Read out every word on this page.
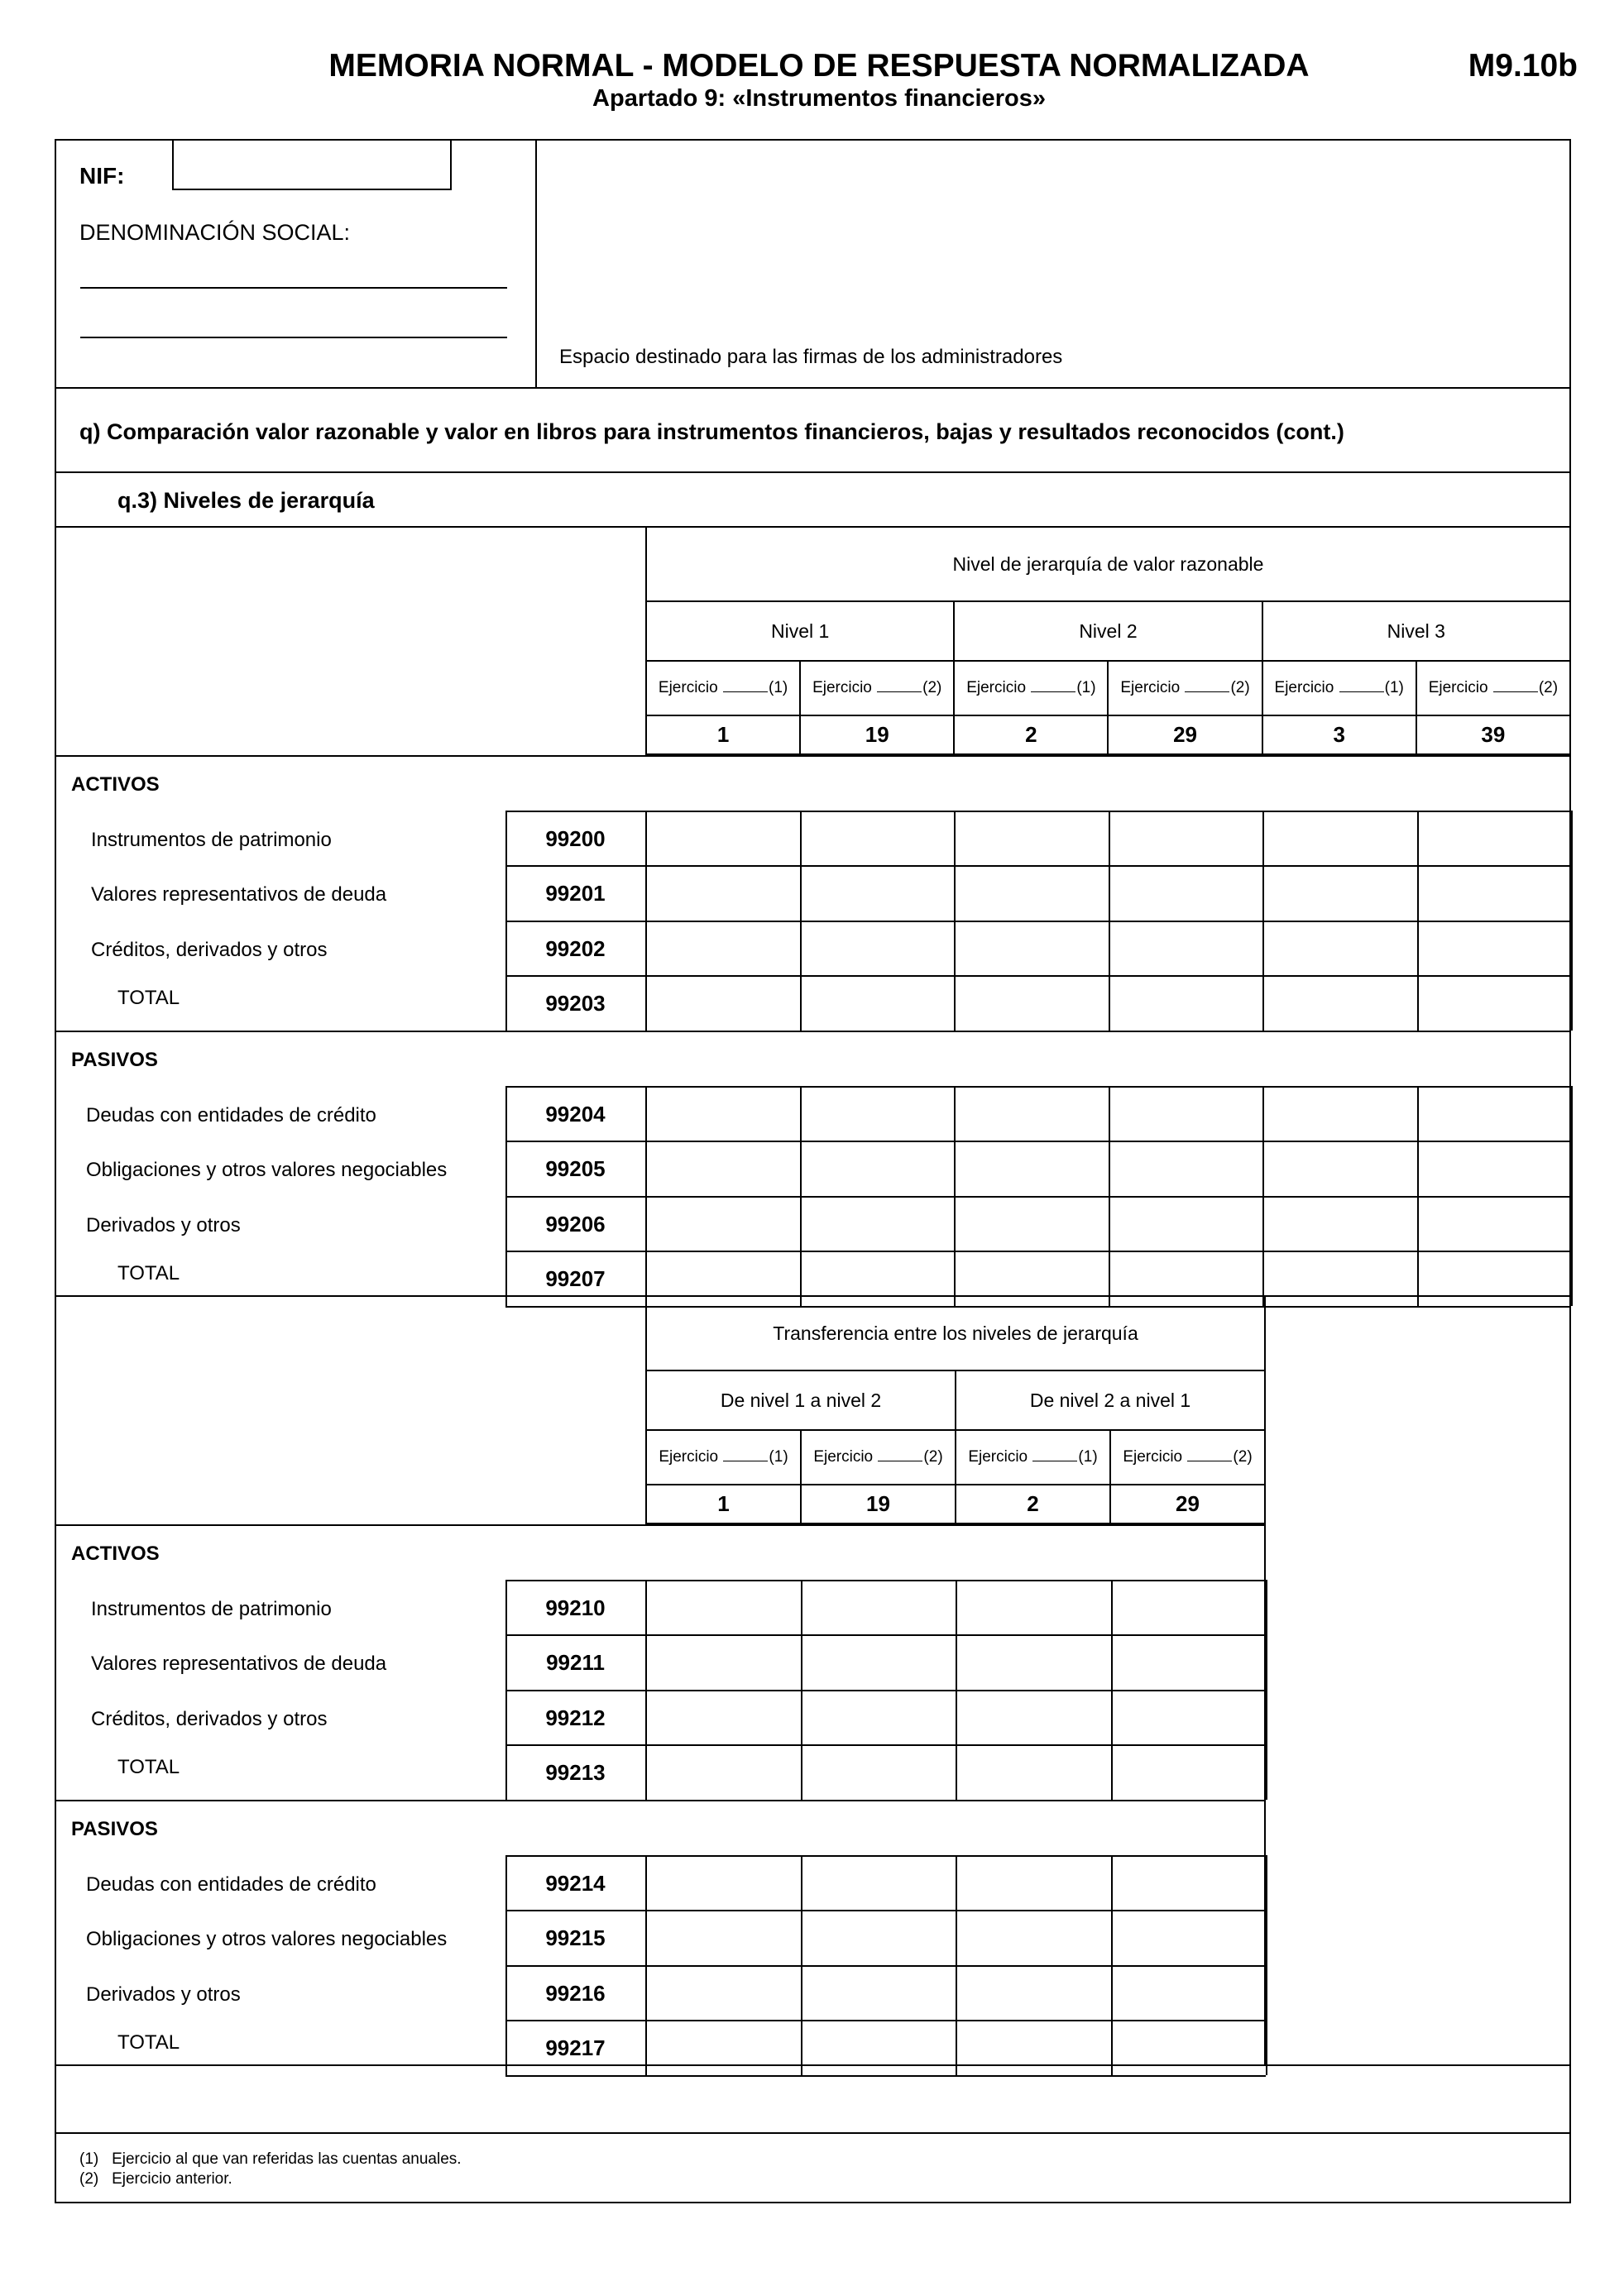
MEMORIA NORMAL - MODELO DE RESPUESTA NORMALIZADA
Apartado 9: «Instrumentos financieros»
M9.10b
NIF:
DENOMINACIÓN SOCIAL:
Espacio destinado para las firmas de los administradores
q) Comparación valor razonable y valor en libros para instrumentos financieros, bajas y resultados reconocidos (cont.)
q.3) Niveles de jerarquía
Nivel de jerarquía de valor razonable					
Nivel 1		Nivel 2		Nivel 3	
Ejercicio (1)	Ejercicio (2)	Ejercicio (1)	Ejercicio (2)	Ejercicio (1)	Ejercicio (2)
1	19	2	29	3	39
ACTIVOS
Instrumentos de patrimonio	99200
Valores representativos de deuda	99201
Créditos, derivados y otros	99202
TOTAL	99203
PASIVOS
Deudas con entidades de crédito	99204
Obligaciones y otros valores negociables	99205
Derivados y otros	99206
TOTAL	99207
Transferencia entre los niveles de jerarquía			
De nivel 1 a nivel 2		De nivel 2 a nivel 1	
Ejercicio (1)	Ejercicio (2)	Ejercicio (1)	Ejercicio (2)
1	19	2	29
ACTIVOS
Instrumentos de patrimonio	99210
Valores representativos de deuda	99211
Créditos, derivados y otros	99212
TOTAL	99213
PASIVOS
Deudas con entidades de crédito	99214
Obligaciones y otros valores negociables	99215
Derivados y otros	99216
TOTAL	99217
(1) Ejercicio al que van referidas las cuentas anuales.
(2) Ejercicio anterior.
